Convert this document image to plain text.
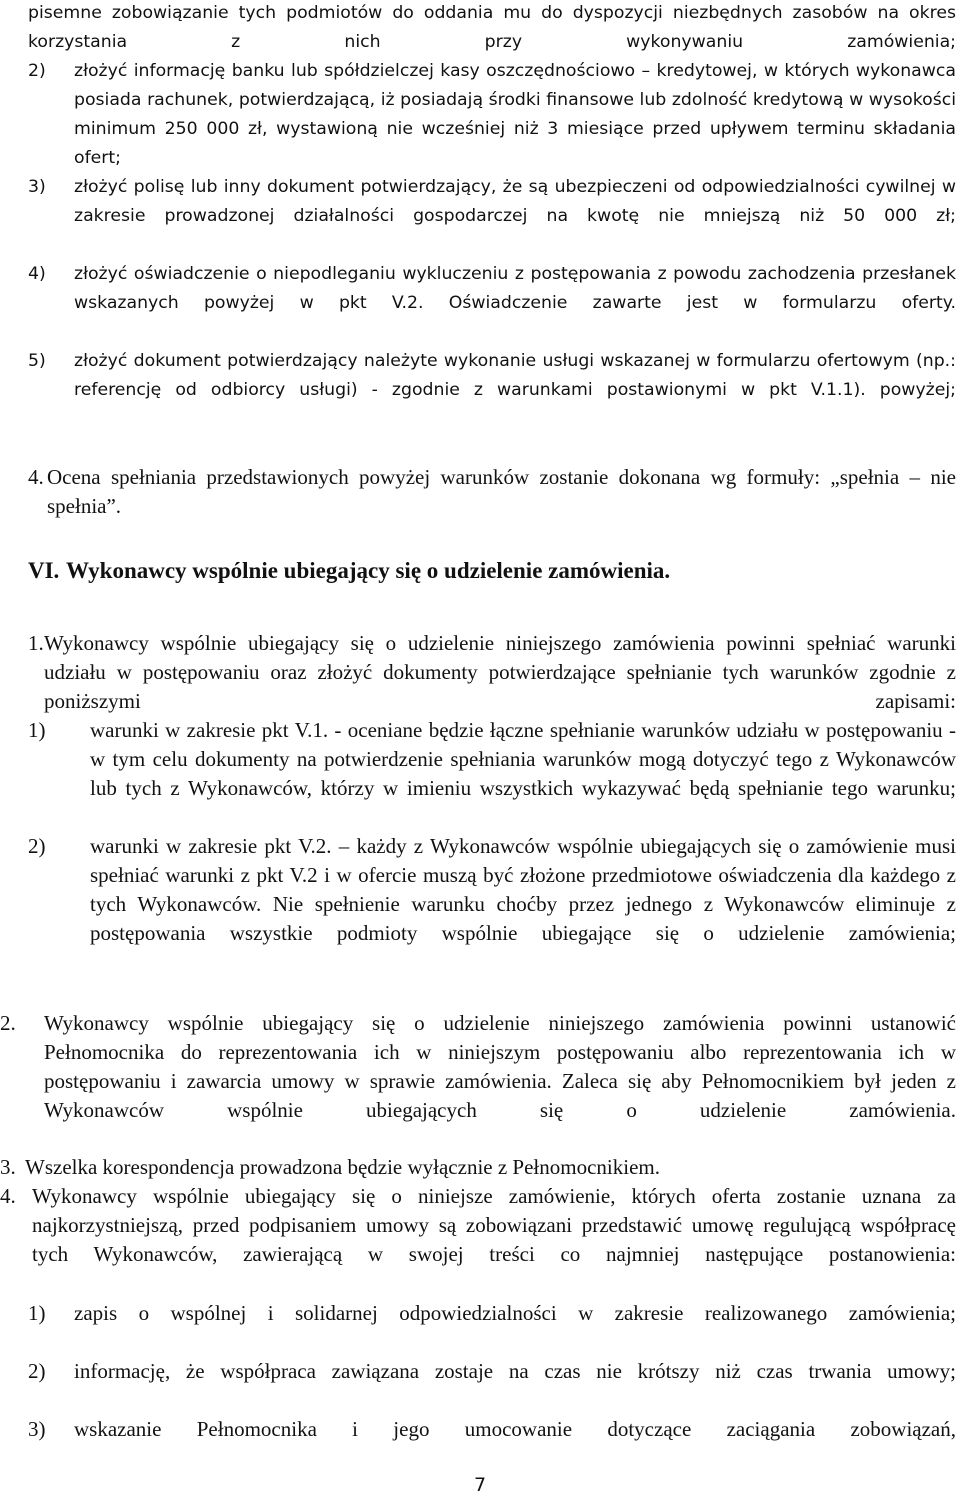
pisemne zobowiązanie tych podmiotów do oddania mu do dyspozycji niezbędnych zasobów na okres korzystania z nich przy wykonywaniu zamówienia;

2)	złożyć informację banku lub spółdzielczej kasy oszczędnościowo – kredytowej, w których wykonawca posiada rachunek, potwierdzającą, iż posiadają środki finansowe lub zdolność kredytową w wysokości minimum 250 000 zł, wystawioną nie wcześniej niż 3 miesiące przed upływem terminu składania ofert;

3)	złożyć polisę lub inny dokument potwierdzający, że są ubezpieczeni od odpowiedzialności cywilnej w zakresie prowadzonej działalności gospodarczej na kwotę nie mniejszą niż 50 000 zł;

4)	złożyć oświadczenie o niepodleganiu wykluczeniu z postępowania z powodu zachodzenia przesłanek wskazanych powyżej w pkt V.2. Oświadczenie zawarte jest w formularzu oferty.

5)	złożyć dokument potwierdzający należyte wykonanie usługi wskazanej w formularzu ofertowym (np.: referencję od odbiorcy usługi) - zgodnie z warunkami postawionymi w pkt V.1.1). powyżej;

4. Ocena spełniania przedstawionych powyżej warunków zostanie dokonana wg formuły: „spełnia – nie spełnia”.

VI. Wykonawcy wspólnie ubiegający się o udzielenie zamówienia.
1. Wykonawcy wspólnie ubiegający się o udzielenie niniejszego zamówienia powinni spełniać warunki udziału w postępowaniu oraz złożyć dokumenty potwierdzające spełnianie tych warunków zgodnie z poniższymi zapisami:

1)	warunki w zakresie pkt V.1. - oceniane będzie łączne spełnianie warunków udziału w postępowaniu - w tym celu dokumenty na potwierdzenie spełniania warunków mogą dotyczyć tego z Wykonawców lub tych z Wykonawców, którzy w imieniu wszystkich wykazywać będą spełnianie tego warunku;

2)	warunki w zakresie pkt V.2. – każdy z Wykonawców wspólnie ubiegających się o zamówienie musi spełniać warunki z pkt V.2 i w ofercie muszą być złożone przedmiotowe oświadczenia dla każdego z tych Wykonawców. Nie spełnienie warunku choćby przez jednego z Wykonawców eliminuje z postępowania wszystkie podmioty wspólnie ubiegające się o udzielenie zamówienia;

2.	Wykonawcy wspólnie ubiegający się o udzielenie niniejszego zamówienia powinni ustanowić Pełnomocnika do reprezentowania ich w niniejszym postępowaniu albo reprezentowania ich w postępowaniu i zawarcia umowy w sprawie zamówienia. Zaleca się aby Pełnomocnikiem był jeden z Wykonawców wspólnie ubiegających się o udzielenie zamówienia.

3. Wszelka korespondencja prowadzona będzie wyłącznie z Pełnomocnikiem.

4. Wykonawcy wspólnie ubiegający się o niniejsze zamówienie, których oferta zostanie uznana za najkorzystniejszą, przed podpisaniem umowy są zobowiązani przedstawić umowę regulującą współpracę tych Wykonawców, zawierającą w swojej treści co najmniej następujące postanowienia:

1)	zapis o wspólnej i solidarnej odpowiedzialności w zakresie realizowanego zamówienia;

2)	informację, że współpraca zawiązana zostaje na czas nie krótszy niż czas trwania umowy;

3)	wskazanie Pełnomocnika i jego umocowanie dotyczące zaciągania zobowiązań,

7
